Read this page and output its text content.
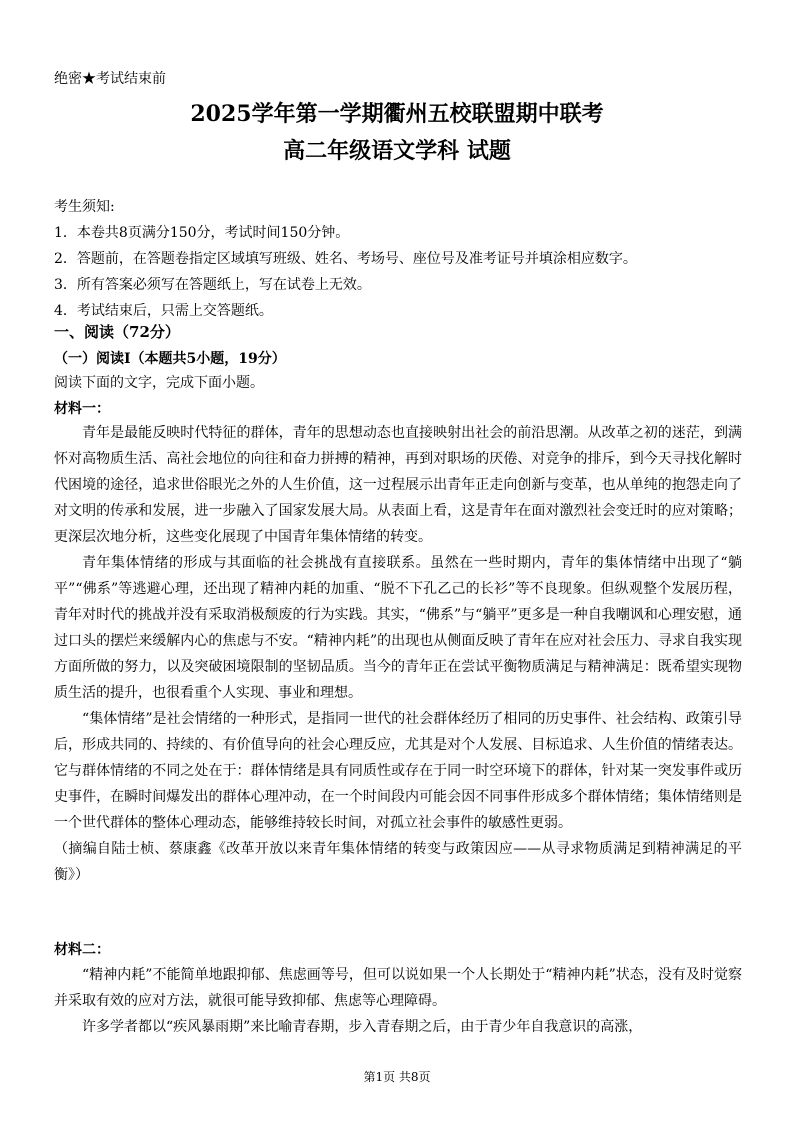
绝密★考试结束前
2025学年第一学期衢州五校联盟期中联考
高二年级语文学科 试题
考生须知:
1．本卷共8页满分150分，考试时间150分钟。
2．答题前，在答题卷指定区域填写班级、姓名、考场号、座位号及准考证号并填涂相应数字。
3．所有答案必须写在答题纸上，写在试卷上无效。
4．考试结束后，只需上交答题纸。
一、阅读（72分）
（一）阅读Ⅰ（本题共5小题，19分）
阅读下面的文字，完成下面小题。
材料一：

青年是最能反映时代特征的群体，青年的思想动态也直接映射出社会的前沿思潮。从改革之初的迷茫，到满怀对高物质生活、高社会地位的向往和奋力拼搏的精神，再到对职场的厌倦、对竞争的排斥，到今天寻找化解时代困境的途径，追求世俗眼光之外的人生价值，这一过程展示出青年正走向创新与变革，也从单纯的抱怨走向了对文明的传承和发展，进一步融入了国家发展大局。从表面上看，这是青年在面对激烈社会变迁时的应对策略；更深层次地分析，这些变化展现了中国青年集体情绪的转变。

青年集体情绪的形成与其面临的社会挑战有直接联系。虽然在一些时期内，青年的集体情绪中出现了“躺平”“佛系”等逃避心理，还出现了精神内耗的加重、“脱不下孔乙己的长衫”等不良现象。但纵观整个发展历程，青年对时代的挑战并没有采取消极颓废的行为实践。其实，“佛系”与“躺平”更多是一种自我嘲讽和心理安慰，通过口头的摆烂来缓解内心的焦虑与不安。“精神内耗”的出现也从侧面反映了青年在应对社会压力、寻求自我实现方面所做的努力，以及突破困境限制的坚韧品质。当今的青年正在尝试平衡物质满足与精神满足：既希望实现物质生活的提升，也很看重个人实现、事业和理想。

“集体情绪”是社会情绪的一种形式，是指同一世代的社会群体经历了相同的历史事件、社会结构、政策引导后，形成共同的、持续的、有价值导向的社会心理反应，尤其是对个人发展、目标追求、人生价值的情绪表达。它与群体情绪的不同之处在于：群体情绪是具有同质性或存在于同一时空环境下的群体，针对某一突发事件或历史事件，在瞬时间爆发出的群体心理冲动，在一个时间段内可能会因不同事件形成多个群体情绪；集体情绪则是一个世代群体的整体心理动态，能够维持较长时间，对孤立社会事件的敏感性更弱。

（摘编自陆士桢、蔡康鑫《改革开放以来青年集体情绪的转变与政策因应——从寻求物质满足到精神满足的平衡》）

材料二：

“精神内耗”不能简单地跟抑郁、焦虑画等号，但可以说如果一个人长期处于“精神内耗”状态，没有及时觉察并采取有效的应对方法，就很可能导致抑郁、焦虑等心理障碍。

许多学者都以“疾风暴雨期”来比喻青春期，步入青春期之后，由于青少年自我意识的高涨，

第1页 共8页
